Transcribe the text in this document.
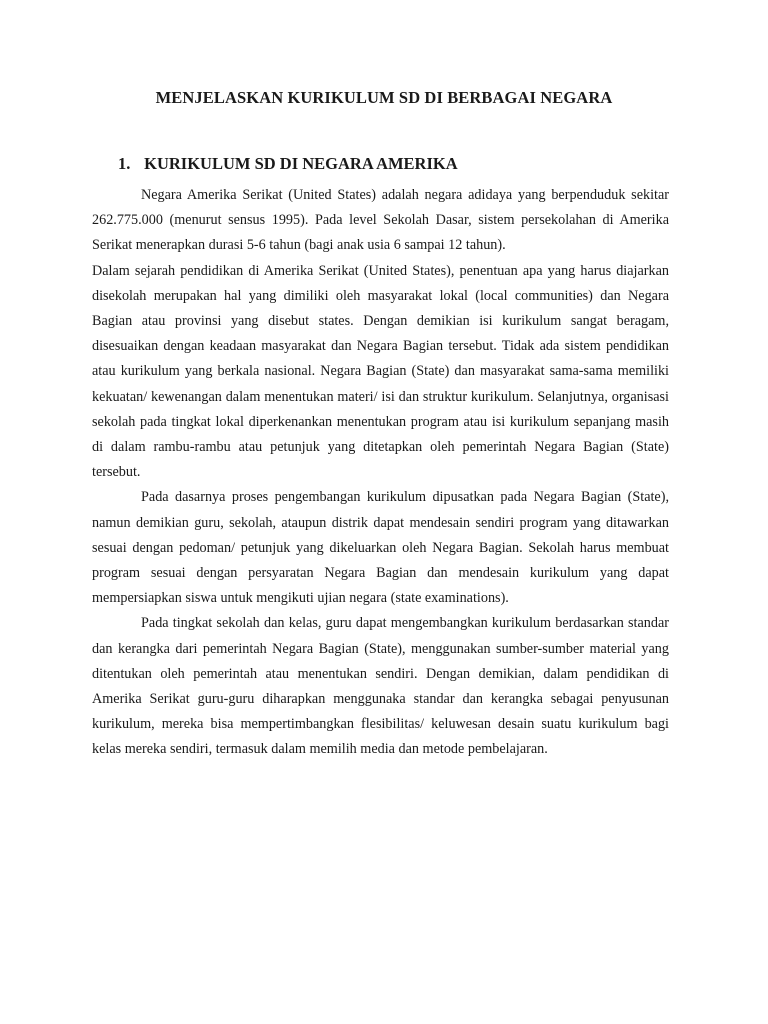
MENJELASKAN KURIKULUM SD DI BERBAGAI NEGARA
1. KURIKULUM SD DI NEGARA AMERIKA

Negara Amerika Serikat (United States) adalah negara adidaya yang berpenduduk sekitar 262.775.000 (menurut sensus 1995). Pada level Sekolah Dasar, sistem persekolahan di Amerika Serikat menerapkan durasi 5-6 tahun (bagi anak usia 6 sampai 12 tahun).

Dalam sejarah pendidikan di Amerika Serikat (United States), penentuan apa yang harus diajarkan disekolah merupakan hal yang dimiliki oleh masyarakat lokal (local communities) dan Negara Bagian atau provinsi yang disebut states. Dengan demikian isi kurikulum sangat beragam, disesuaikan dengan keadaan masyarakat dan Negara Bagian tersebut. Tidak ada sistem pendidikan atau kurikulum yang berkala nasional. Negara Bagian (State) dan masyarakat sama-sama memiliki kekuatan/ kewenangan dalam menentukan materi/ isi dan struktur kurikulum. Selanjutnya, organisasi sekolah pada tingkat lokal diperkenankan menentukan program atau isi kurikulum sepanjang masih di dalam rambu-rambu atau petunjuk yang ditetapkan oleh pemerintah Negara Bagian (State) tersebut.

Pada dasarnya proses pengembangan kurikulum dipusatkan pada Negara Bagian (State), namun demikian guru, sekolah, ataupun distrik dapat mendesain sendiri program yang ditawarkan sesuai dengan pedoman/ petunjuk yang dikeluarkan oleh Negara Bagian. Sekolah harus membuat program sesuai dengan persyaratan Negara Bagian dan mendesain kurikulum yang dapat mempersiapkan siswa untuk mengikuti ujian negara (state examinations).

Pada tingkat sekolah dan kelas, guru dapat mengembangkan kurikulum berdasarkan standar dan kerangka dari pemerintah Negara Bagian (State), menggunakan sumber-sumber material yang ditentukan oleh pemerintah atau menentukan sendiri. Dengan demikian, dalam pendidikan di Amerika Serikat guru-guru diharapkan menggunaka standar dan kerangka sebagai penyusunan kurikulum, mereka bisa mempertimbangkan flesibilitas/ keluwesan desain suatu kurikulum bagi kelas mereka sendiri, termasuk dalam memilih media dan metode pembelajaran.
